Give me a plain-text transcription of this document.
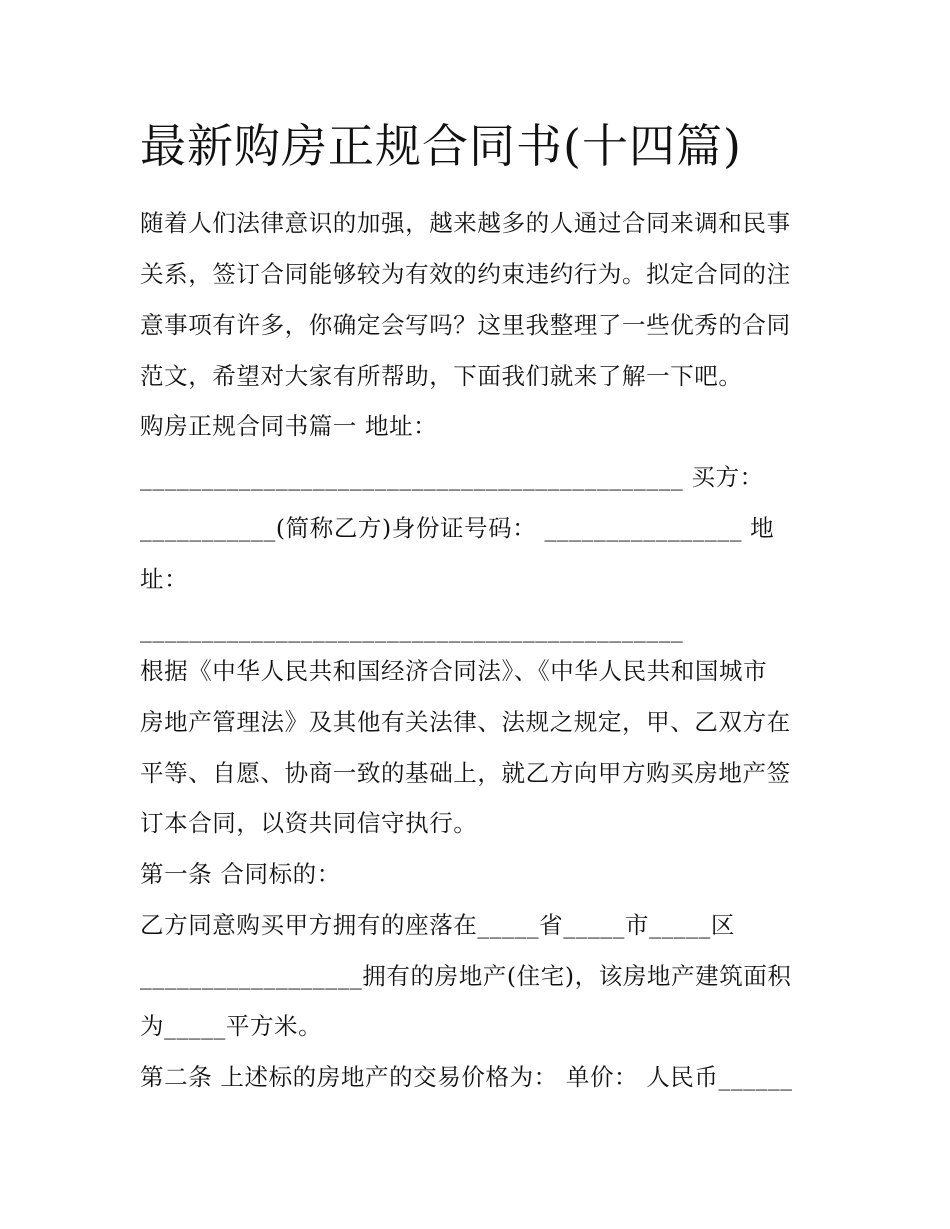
最新购房正规合同书(十四篇)

随着人们法律意识的加强，越来越多的人通过合同来调和民事

关系，签订合同能够较为有效的约束违约行为。拟定合同的注

意事项有许多，你确定会写吗？这里我整理了一些优秀的合同

范文，希望对大家有所帮助，下面我们就来了解一下吧。

购房正规合同书篇一 地址：

____________________________________________ 买方：

___________(简称乙方)身份证号码： ________________ 地

址：

____________________________________________

根据《中华人民共和国经济合同法》、《中华人民共和国城市

房地产管理法》及其他有关法律、法规之规定，甲、乙双方在

平等、自愿、协商一致的基础上，就乙方向甲方购买房地产签

订本合同，以资共同信守执行。

第一条 合同标的：

乙方同意购买甲方拥有的座落在_____省_____市_____区

__________________拥有的房地产(住宅)，该房地产建筑面积

为_____平方米。

第二条 上述标的房地产的交易价格为： 单价： 人民币______
